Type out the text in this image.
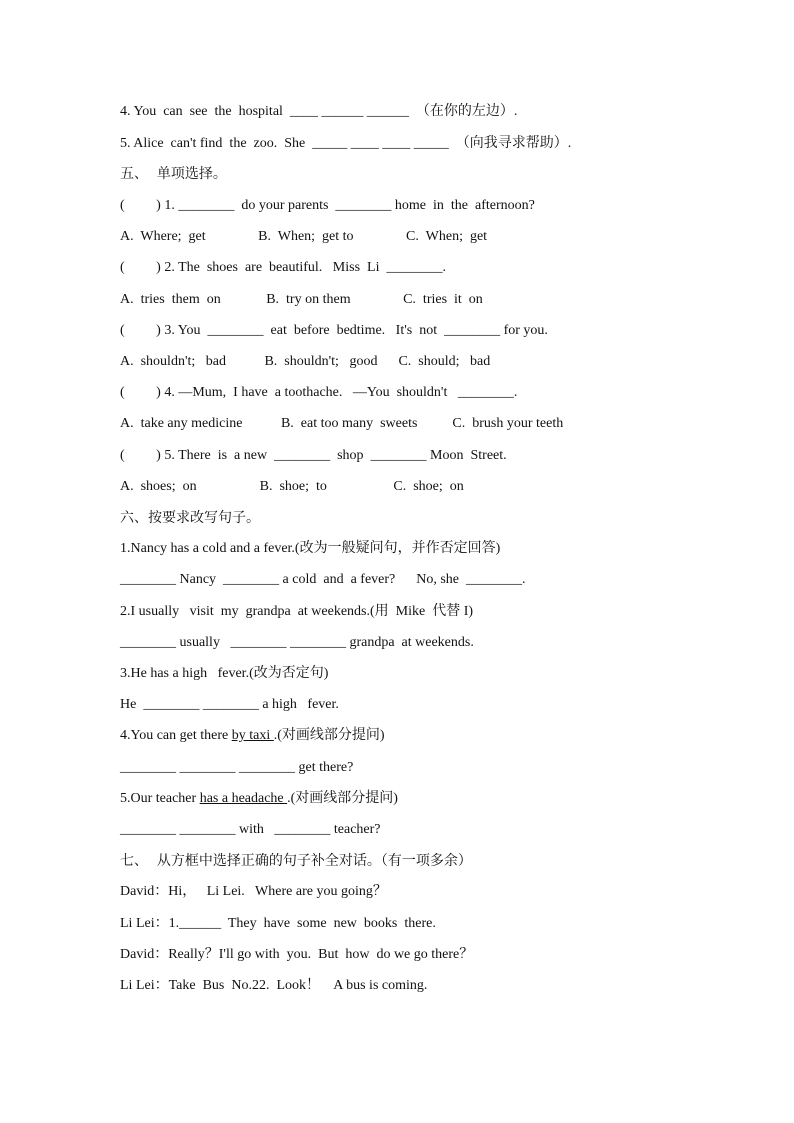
4. You  can  see  the  hospital  ____ ______ ______  （在你的左边）.
5. Alice  can't find  the  zoo.  She  _____ ____ ____ _____  （向我寻求帮助）.
五、  单项选择。
(         ) 1. ________  do your parents  ________ home  in  the  afternoon?
A.  Where;  get               B.  When;  get to               C.  When;  get
(         ) 2. The  shoes  are  beautiful.   Miss  Li  ________.
A.  tries  them  on             B.  try on them               C.  tries  it  on
(         ) 3. You  ________  eat  before  bedtime.   It's  not  ________ for you.
A.  shouldn't;   bad           B.  shouldn't;   good      C.  should;   bad
(         ) 4. —Mum,  I have  a toothache.   —You  shouldn't   ________.
A.  take any medicine           B.  eat too many  sweets          C.  brush your teeth
(         ) 5. There  is  a new  ________  shop  ________ Moon  Street.
A.  shoes;  on                  B.  shoe;  to                   C.  shoe;  on
六、按要求改写句子。
1.Nancy has a cold and a fever.(改为一般疑问句，并作否定回答)
________ Nancy  ________ a cold  and  a fever?      No, she  ________.
2.I usually   visit  my  grandpa  at weekends.(用  Mike  代替 I)
________ usually   ________ ________ grandpa  at weekends.
3.He has a high   fever.(改为否定句)
He  ________ ________ a high   fever.
4.You can get there by taxi .(对画线部分提问)
________ ________ ________ get there?
5.Our teacher has a headache .(对画线部分提问)
________ ________ with   ________ teacher?
七、  从方框中选择正确的句子补全对话。（有一项多余）
David：Hi，   Li Lei.   Where are you going？
Li Lei：1.______  They  have  some  new  books  there.
David：Really？I'll go with  you.  But  how  do we go there？
Li Lei：Take  Bus  No.22.  Look！    A bus is coming.
